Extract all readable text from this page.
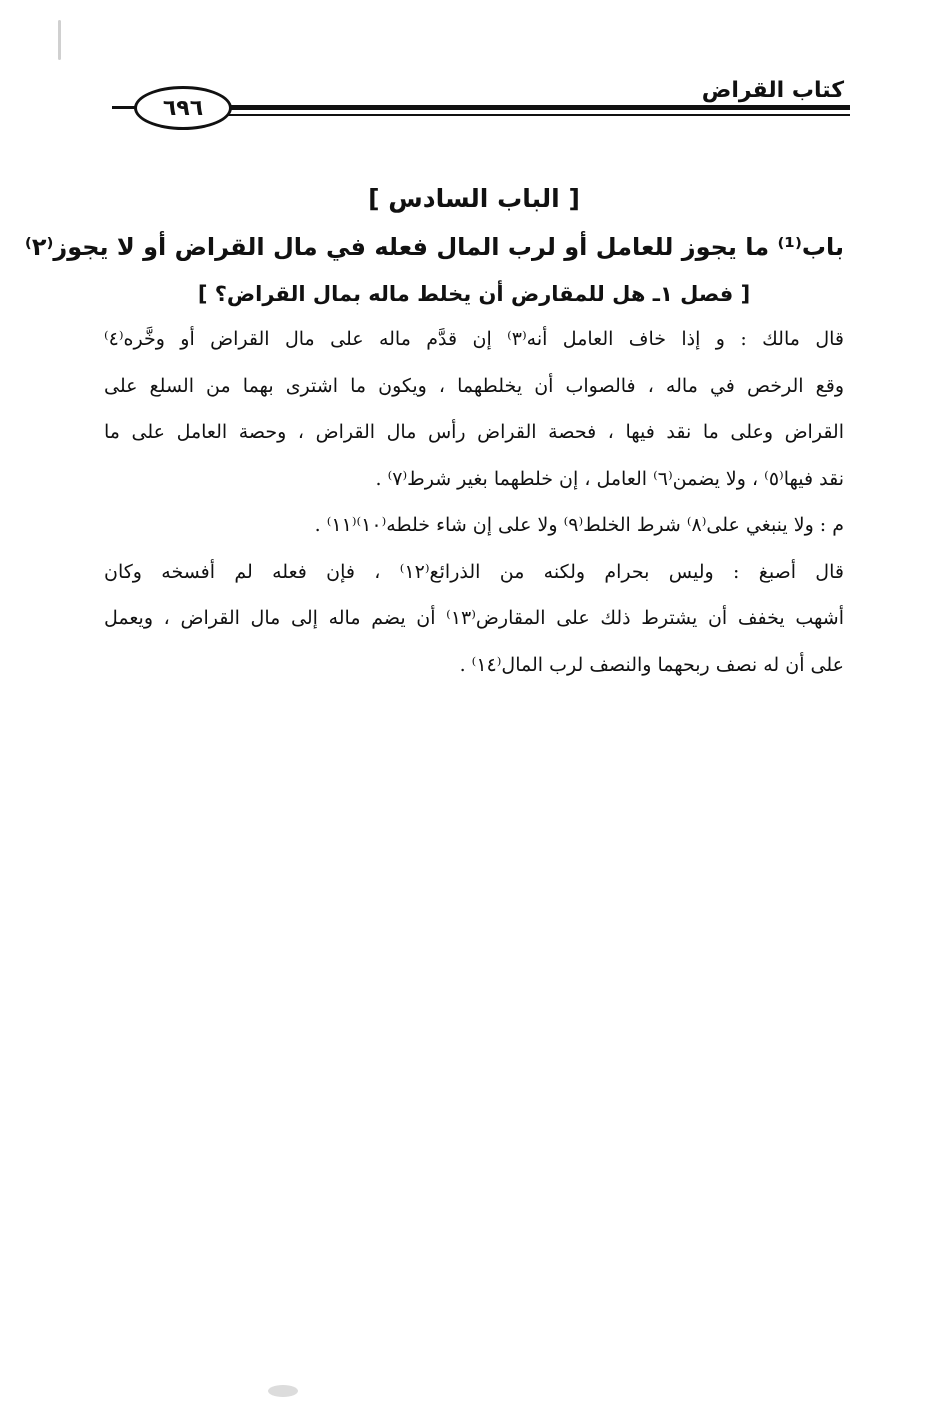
٦٩٦
كتاب القراض
[ الباب السادس ]
باب⁽¹⁾ ما يجوز للعامل أو لرب المال فعله في مال القراض أو لا يجوز⁽٢⁾
[ فصل ١ـ هل للمقارض أن يخلط ماله بمال القراض؟ ]

قال مالك : و إذا خاف العامل أنه⁽٣⁾ إن قدَّم ماله على مال القراض أو وخَّره⁽٤⁾
وقع الرخص في ماله ، فالصواب أن يخلطهما ، ويكون ما اشترى بهما من السلع على
القراض وعلى ما نقد فيها ، فحصة القراض رأس مال القراض ، وحصة العامل على ما
نقد فيها⁽٥⁾ ، ولا يضمن⁽٦⁾ العامل ، إن خلطهما بغير شرط⁽٧⁾ .

م : ولا ينبغي على⁽٨⁾ شرط الخلط⁽٩⁾ ولا على إن شاء خلطه⁽١٠⁾⁽١١⁾ .

قال أصبغ : وليس بحرام ولكنه من الذرائع⁽١٢⁾ ، فإن فعله لم أفسخه وكان
أشهب يخفف أن يشترط ذلك على المقارض⁽١٣⁾ أن يضم ماله إلى مال القراض ، ويعمل
على أن له نصف ربحهما والنصف لرب المال⁽١٤⁾ .
